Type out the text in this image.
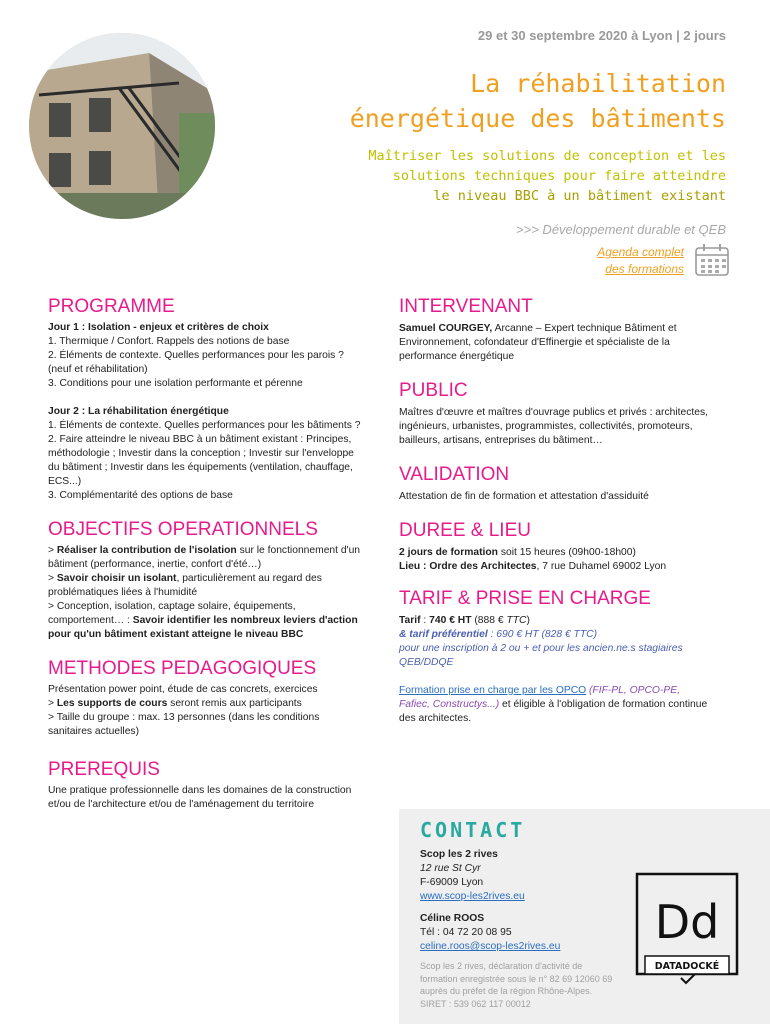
29 et 30 septembre 2020 à Lyon | 2 jours
La réhabilitation
énergétique des bâtiments
Maîtriser les solutions de conception et les
solutions techniques pour faire atteindre
le niveau BBC à un bâtiment existant
>>> Développement durable et QEB
Agenda complet
des formations
PROGRAMME

Jour 1 : Isolation - enjeux et critères de choix

1. Thermique / Confort. Rappels des notions de base

2. Éléments de contexte. Quelles performances pour les parois ? (neuf et réhabilitation)

3. Conditions pour une isolation performante et pérenne

Jour 2 : La réhabilitation énergétique

1. Éléments de contexte. Quelles performances pour les bâtiments ?

2. Faire atteindre le niveau BBC à un bâtiment existant : Principes, méthodologie ; Investir dans la conception ; Investir sur l'enveloppe du bâtiment ; Investir dans les équipements (ventilation, chauffage, ECS...)

3. Complémentarité des options de base

OBJECTIFS OPERATIONNELS

> Réaliser la contribution de l'isolation sur le fonctionnement d'un bâtiment (performance, inertie, confort d'été…)

> Savoir choisir un isolant, particulièrement au regard des problématiques liées à l'humidité

> Conception, isolation, captage solaire, équipements, comportement… : Savoir identifier les nombreux leviers d'action pour qu'un bâtiment existant atteigne le niveau BBC

METHODES PEDAGOGIQUES

Présentation power point, étude de cas concrets, exercices

> Les supports de cours seront remis aux participants

> Taille du groupe : max. 13 personnes (dans les conditions sanitaires actuelles)

PREREQUIS

Une pratique professionnelle dans les domaines de la construction et/ou de l'architecture et/ou de l'aménagement du territoire

INTERVENANT

Samuel COURGEY, Arcanne – Expert technique Bâtiment et Environnement, cofondateur d'Effinergie et spécialiste de la performance énergétique

PUBLIC

Maîtres d'œuvre et maîtres d'ouvrage publics et privés : architectes, ingénieurs, urbanistes, programmistes, collectivités, promoteurs, bailleurs, artisans, entreprises du bâtiment…

VALIDATION

Attestation de fin de formation et attestation d'assiduité

DUREE & LIEU

2 jours de formation soit 15 heures (09h00-18h00)

Lieu : Ordre des Architectes, 7 rue Duhamel 69002 Lyon

TARIF & PRISE EN CHARGE

Tarif : 740 € HT (888 € TTC)

& tarif préférentiel : 690 € HT (828 € TTC)

pour une inscription à 2 ou + et pour les ancien.ne.s stagiaires QEB/DDQE

Formation prise en charge par les OPCO (FIF-PL, OPCO-PE, Fafiec, Constructys...) et éligible à l'obligation de formation continue des architectes.

CONTACT

Scop les 2 rives

12 rue St Cyr

F-69009 Lyon

www.scop-les2rives.eu

Céline ROOS

Tél : 04 72 20 08 95

celine.roos@scop-les2rives.eu

Scop les 2 rives, déclaration d'activité de formation enregistrée sous le n° 82 69 12060 69 auprès du préfet de la région Rhône-Alpes. SIRET : 539 062 117 00012

Dd
DATADOCKÉ
